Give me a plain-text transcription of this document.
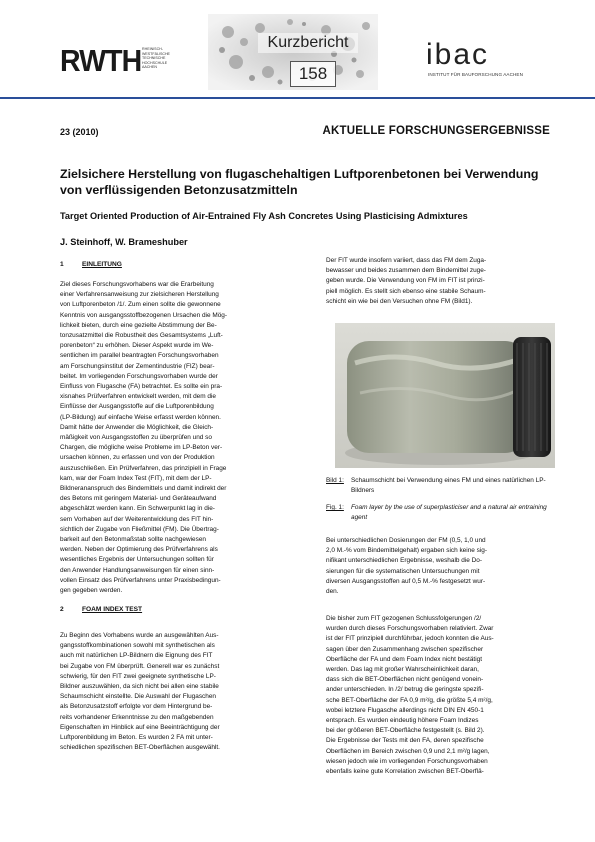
RWTH RHEINISCH-
WESTFÄLISCHE
TECHNISCHE
HOCHSCHULE
AACHEN
Kurzbericht
158
ibac
INSTITUT FÜR BAUFORSCHUNG AACHEN
23 (2010)	AKTUELLE FORSCHUNGSERGEBNISSE
Zielsichere Herstellung von flugaschehaltigen Luftporenbetonen bei Verwendung von verflüssigenden Betonzusatzmitteln
Target Oriented Production of Air-Entrained Fly Ash Concretes Using Plasticising Admixtures
J. Steinhoff, W. Brameshuber
1	EINLEITUNG
Ziel dieses Forschungsvorhabens war die Erarbeitung
einer Verfahrensanweisung zur zielsicheren Herstellung
von Luftporenbeton /1/. Zum einen sollte die gewonnene
Kenntnis von ausgangsstoffbezogenen Ursachen die Mög-
lichkeit bieten, durch eine gezielte Abstimmung der Be-
tonzusatzmittel die Robustheit des Gesamtsystems „Luft-
porenbeton“ zu erhöhen. Dieser Aspekt wurde im We-
sentlichen im parallel beantragten Forschungsvorhaben
am Forschungsinstitut der Zementindustrie (FIZ) bear-
beitet. Im vorliegenden Forschungsvorhaben wurde der
Einfluss von Flugasche (FA) betrachtet. Es sollte ein pra-
xisnahes Prüfverfahren entwickelt werden, mit dem die
Einflüsse der Ausgangsstoffe auf die Luftporenbildung
(LP-Bildung) auf einfache Weise erfasst werden können.
Damit hätte der Anwender die Möglichkeit, die Gleich-
mäßigkeit von Ausgangsstoffen zu überprüfen und so
Chargen, die mögliche weise Probleme im LP-Beton ver-
ursachen können, zu erfassen und von der Produktion
auszuschließen. Ein Prüfverfahren, das prinzipiell in Frage
kam, war der Foam Index Test (FIT), mit dem der LP-
Bildnerananspruch des Bindemittels und damit indirekt der
des Betons mit geringem Material- und Geräteaufwand
abgeschätzt werden kann. Ein Schwerpunkt lag in die-
sem Vorhaben auf der Weiterentwicklung des FIT hin-
sichtlich der Zugabe von Fließmittel (FM). Die Übertrag-
barkeit auf den Betonmaßstab sollte nachgewiesen
werden. Neben der Optimierung des Prüfverfahrens als
wesentliches Ergebnis der Untersuchungen sollten für
den Anwender Handlungsanweisungen für einen sinn-
vollen Einsatz des Prüfverfahrens unter Praxisbedingun-
gen gegeben werden.
2	FOAM INDEX TEST
Zu Beginn des Vorhabens wurde an ausgewählten Aus-
gangsstoffkombinationen sowohl mit synthetischen als
auch mit natürlichen LP-Bildnern die Eignung des FIT
bei Zugabe von FM überprüft. Generell war es zunächst
schwierig, für den FIT zwei geeignete synthetische LP-
Bildner auszuwählen, da sich nicht bei allen eine stabile
Schaumschicht einstellte. Die Auswahl der Flugaschen
als Betonzusatzstoff erfolgte vor dem Hintergrund be-
reits vorhandener Erkenntnisse zu den maßgebenden
Eigenschaften im Hinblick auf eine Beeinträchtigung der
Luftporenbildung im Beton. Es wurden 2 FA mit unter-
schiedlichen spezifischen BET-Oberflächen ausgewählt.
Der FIT wurde insofern variiert, dass das FM dem Zuga-
bewasser und beides zusammen dem Bindemittel zuge-
geben wurde. Die Verwendung von FM im FIT ist prinzi-
piell möglich. Es stellt sich ebenso eine stabile Schaum-
schicht ein wie bei den Versuchen ohne FM (Bild1).
Bild 1: Schaumschicht bei Verwendung eines FM und eines natürlichen LP-Bildners
Fig. 1: Foam layer by the use of superplasticiser and a natural air entraining agent
Bei unterschiedlichen Dosierungen der FM (0,5, 1,0 und
2,0 M.-% vom Bindemittelgehalt) ergaben sich keine sig-
nifikant unterschiedlichen Ergebnisse, weshalb die Do-
sierungen für die systematischen Untersuchungen mit
diversen Ausgangsstoffen auf 0,5 M.-% festgesetzt wur-
den.
Die bisher zum FIT gezogenen Schlussfolgerungen /2/
wurden durch dieses Forschungsvorhaben relativiert. Zwar
ist der FIT prinzipiell durchführbar, jedoch konnten die Aus-
sagen über den Zusammenhang zwischen spezifischer
Oberfläche der FA und dem Foam Index nicht bestätigt
werden. Das lag mit großer Wahrscheinlichkeit daran,
dass sich die BET-Oberflächen nicht genügend vonein-
ander unterschieden. In /2/ betrug die geringste spezifi-
sche BET-Oberfläche der FA 0,9 m²/g, die größte 5,4 m²/g,
wobei letztere Flugasche allerdings nicht DIN EN 450-1
entsprach. Es wurden eindeutig höhere Foam Indizes
bei der größeren BET-Oberfläche festgestellt (s. Bild 2).
Die Ergebnisse der Tests mit den FA, deren spezifische
Oberflächen im Bereich zwischen 0,9 und 2,1 m²/g lagen,
wiesen jedoch wie im vorliegenden Forschungsvorhaben
ebenfalls keine gute Korrelation zwischen BET-Oberflä-
